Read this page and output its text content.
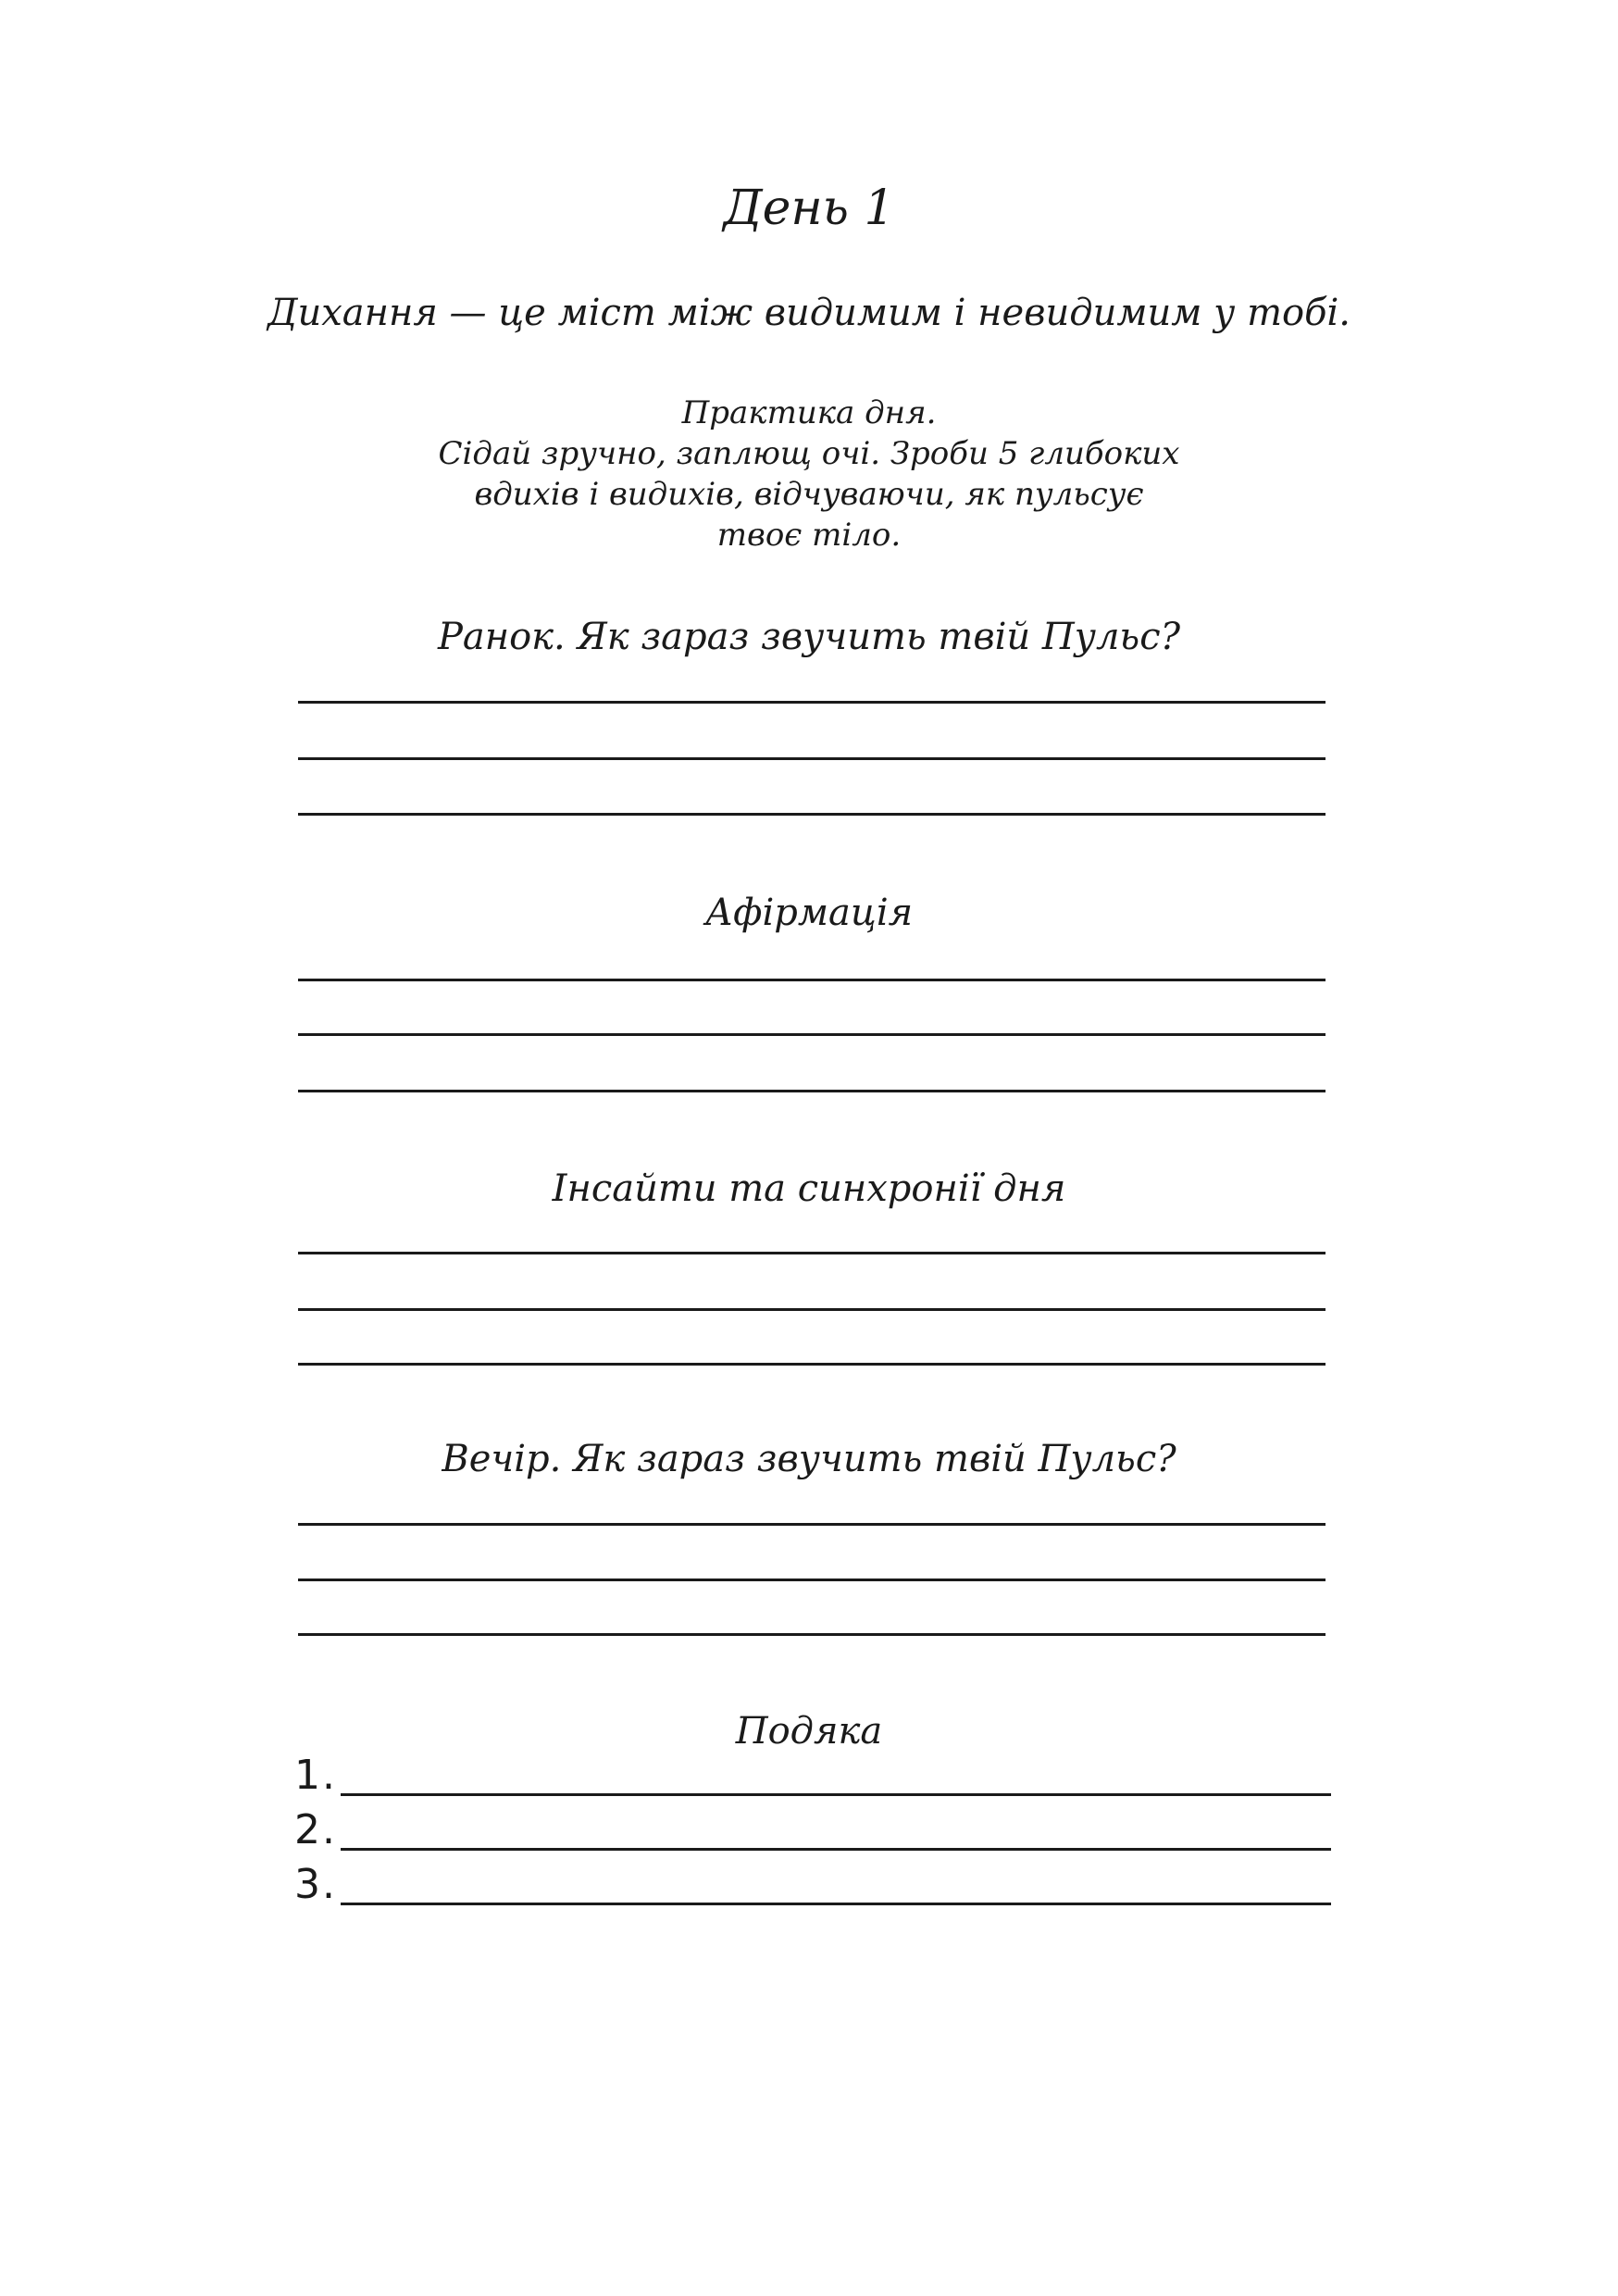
День 1
Дихання — це міст між видимим і невидимим у тобі.
Практика дня.
Сідай зручно, заплющ очі. Зроби 5 глибоких
вдихів і видихів, відчуваючи, як пульсує
твоє тіло.
Ранок. Як зараз звучить твій Пульс?
Афірмація
Інсайти та синхронії дня
Вечір. Як зараз звучить твій Пульс?
Подяка
1.
2.
3.
